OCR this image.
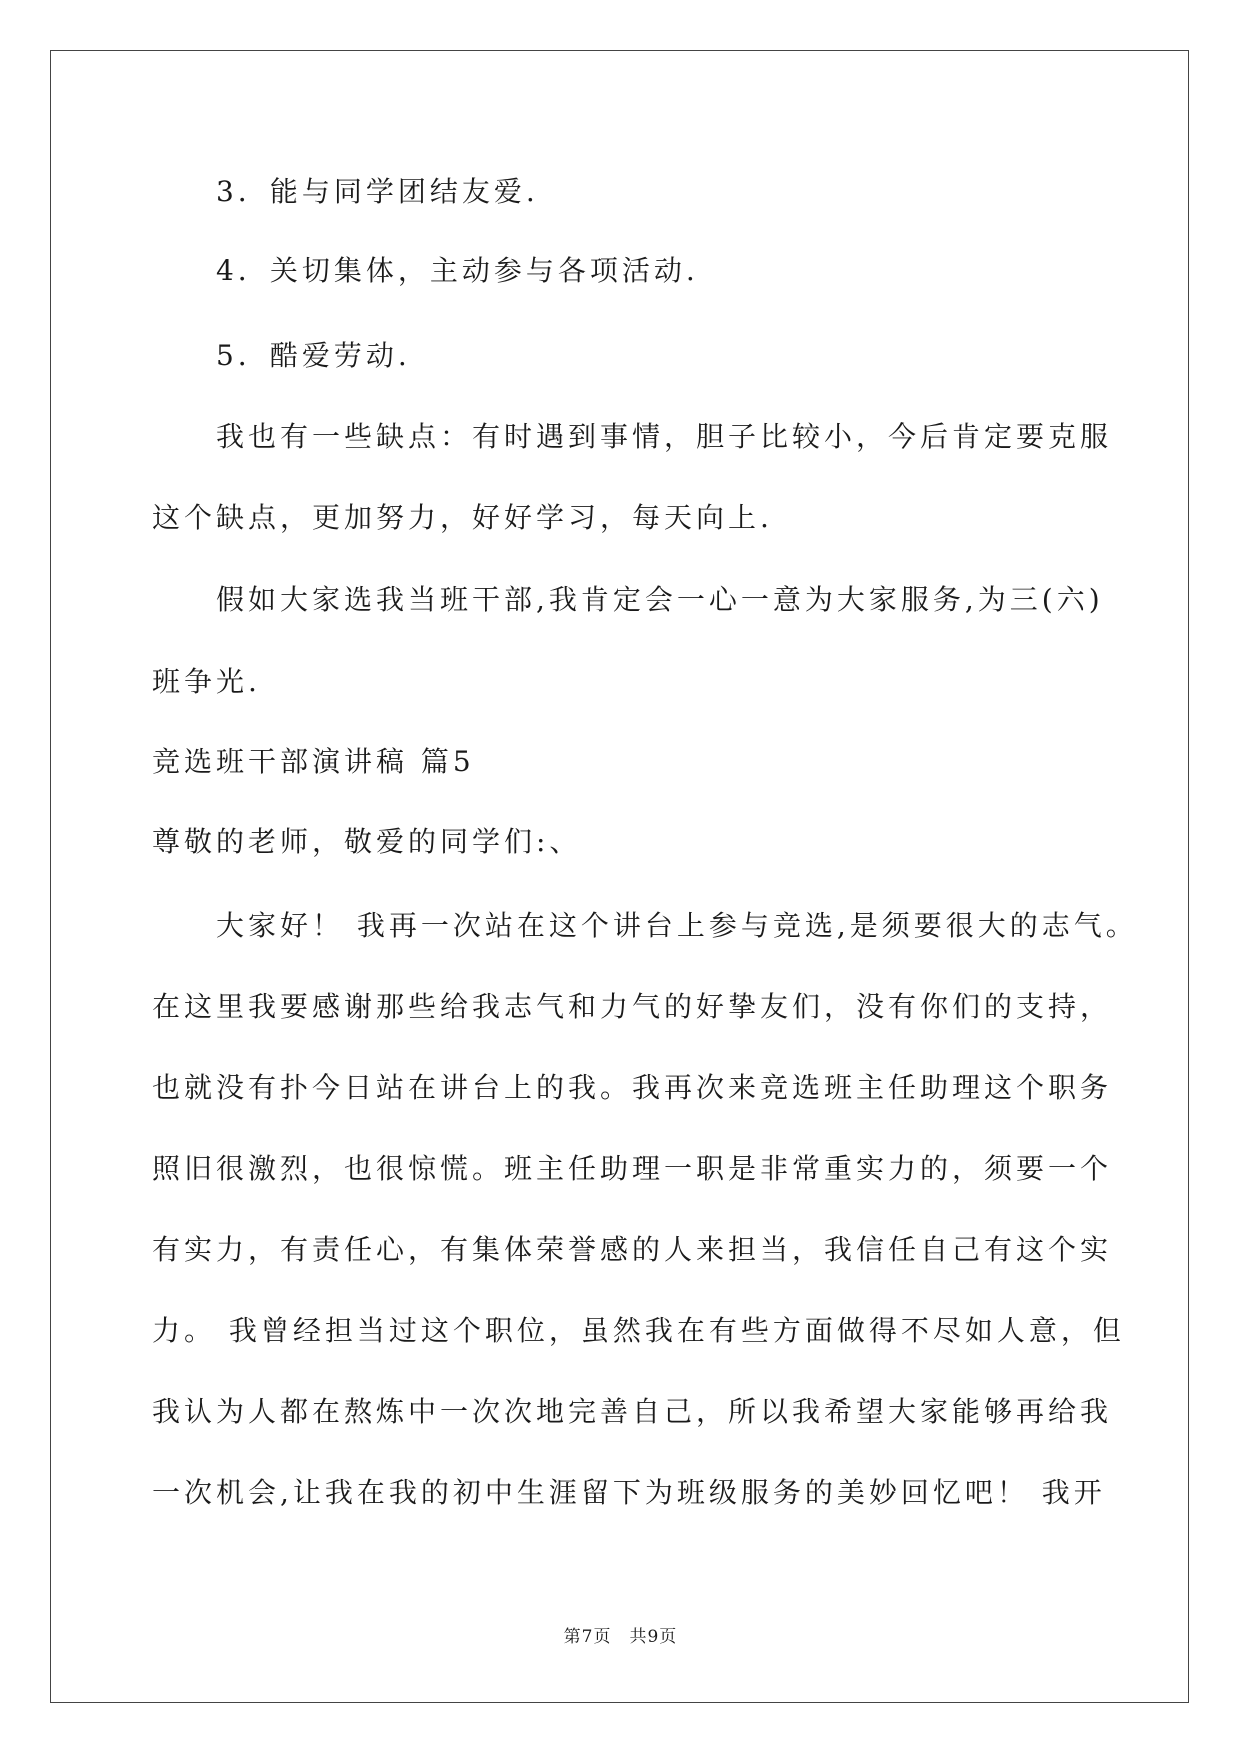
　　3．能与同学团结友爱.
　　4．关切集体，主动参与各项活动.
　　5．酷爱劳动.
　　我也有一些缺点：有时遇到事情，胆子比较小，今后肯定要克服
这个缺点，更加努力，好好学习，每天向上.
　　假如大家选我当班干部,我肯定会一心一意为大家服务,为三(六)
班争光.
竞选班干部演讲稿 篇5
尊敬的老师，敬爱的同学们:、
　　大家好！ 我再一次站在这个讲台上参与竞选,是须要很大的志气。
在这里我要感谢那些给我志气和力气的好挚友们，没有你们的支持，
也就没有扑今日站在讲台上的我。我再次来竞选班主任助理这个职务
照旧很激烈，也很惊慌。班主任助理一职是非常重实力的，须要一个
有实力，有责任心，有集体荣誉感的人来担当，我信任自己有这个实
力。 我曾经担当过这个职位，虽然我在有些方面做得不尽如人意，但
我认为人都在熬炼中一次次地完善自己，所以我希望大家能够再给我
一次机会,让我在我的初中生涯留下为班级服务的美妙回忆吧！ 我开
第7页　共9页
